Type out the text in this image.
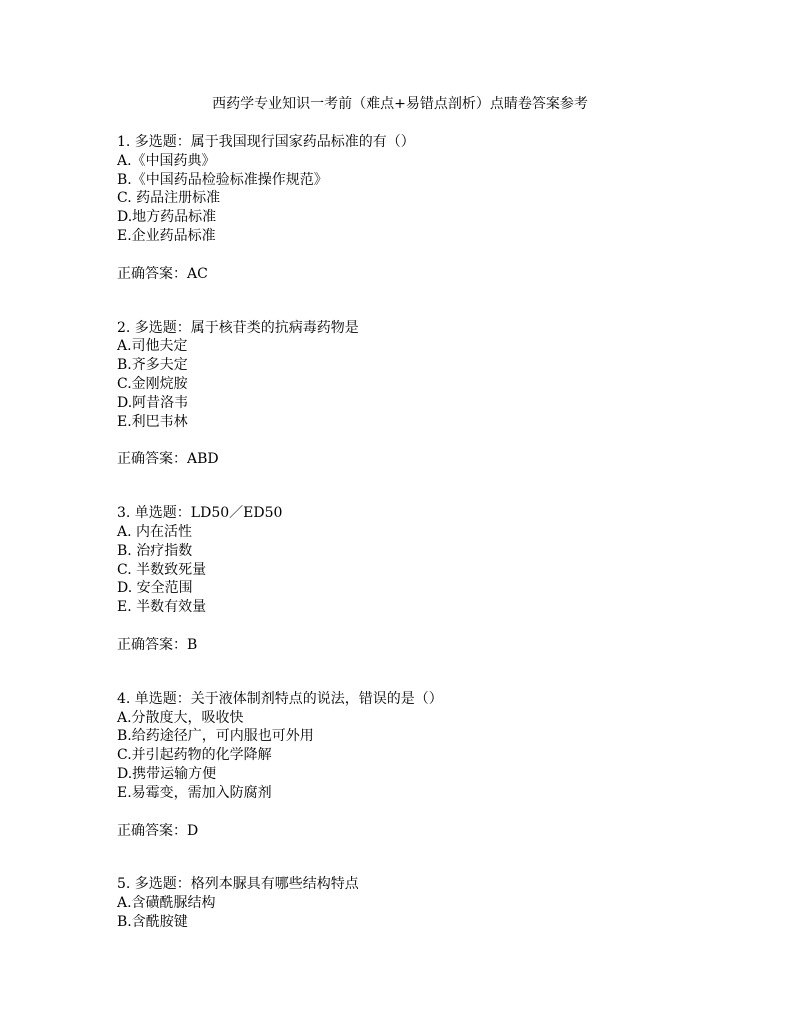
西药学专业知识一考前（难点+易错点剖析）点睛卷答案参考
1. 多选题：属于我国现行国家药品标准的有（）
A.《中国药典》
B.《中国药品检验标准操作规范》
C. 药品注册标准
D.地方药品标准
E.企业药品标准
正确答案：AC
2. 多选题：属于核苷类的抗病毒药物是
A.司他夫定
B.齐多夫定
C.金刚烷胺
D.阿昔洛韦
E.利巴韦林
正确答案：ABD
3. 单选题：LD50／ED50
A. 内在活性
B. 治疗指数
C. 半数致死量
D. 安全范围
E. 半数有效量
正确答案：B
4. 单选题：关于液体制剂特点的说法，错误的是（）
A.分散度大，吸收快
B.给药途径广，可内服也可外用
C.并引起药物的化学降解
D.携带运输方便
E.易霉变，需加入防腐剂
正确答案：D
5. 多选题：格列本脲具有哪些结构特点
A.含磺酰脲结构
B.含酰胺键
